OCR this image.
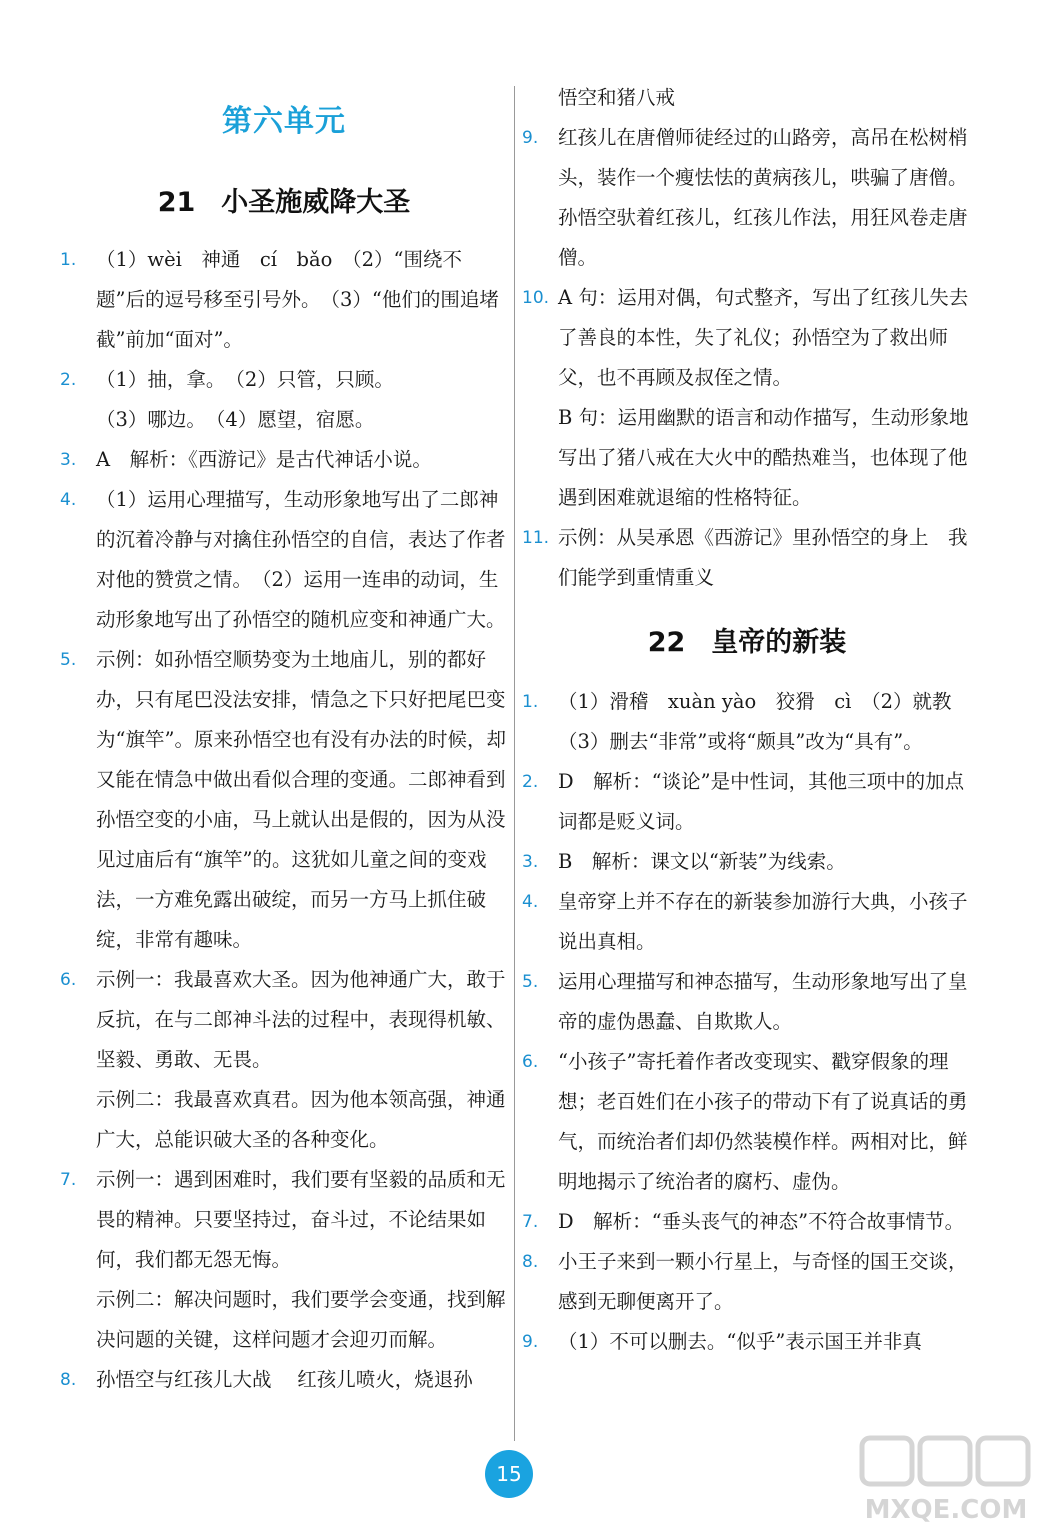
第六单元
21 小圣施威降大圣
1. （1）wèi　神通　cí　bǎo　（2）“围绕不题”后的逗号移至引号外。　（3）“他们的围追堵截”前加“面对”。

2. （1）抽，拿。　（2）只管，只顾。

（3）哪边。　（4）愿望，宿愿。

3. A　解析：《西游记》是古代神话小说。

4. （1）运用心理描写，生动形象地写出了二郎神的沉着冷静与对擒住孙悟空的自信，表达了作者对他的赞赏之情。　（2）运用一连串的动词，生动形象地写出了孙悟空的随机应变和神通广大。

5. 示例：如孙悟空顺势变为土地庙儿，别的都好办，只有尾巴没法安排，情急之下只好把尾巴变为“旗竿”。原来孙悟空也有没有办法的时候，却又能在情急中做出看似合理的变通。二郎神看到孙悟空变的小庙，马上就认出是假的，因为从没见过庙后有“旗竿”的。这犹如儿童之间的变戏法，一方难免露出破绽，而另一方马上抓住破绽，非常有趣味。

6. 示例一：我最喜欢大圣。因为他神通广大，敢于反抗，在与二郎神斗法的过程中，表现得机敏、坚毅、勇敢、无畏。

示例二：我最喜欢真君。因为他本领高强，神通广大，总能识破大圣的各种变化。

7. 示例一：遇到困难时，我们要有坚毅的品质和无畏的精神。只要坚持过，奋斗过，不论结果如何，我们都无怨无悔。

示例二：解决问题时，我们要学会变通，找到解决问题的关键，这样问题才会迎刃而解。

8. 孙悟空与红孩儿大战　 红孩儿喷火，烧退孙

悟空和猪八戒

9. 红孩儿在唐僧师徒经过的山路旁，高吊在松树梢头，装作一个瘦怯怯的黄病孩儿，哄骗了唐僧。孙悟空驮着红孩儿，红孩儿作法，用狂风卷走唐僧。

10. A 句：运用对偶，句式整齐，写出了红孩儿失去了善良的本性，失了礼仪；孙悟空为了救出师父，也不再顾及叔侄之情。

B 句：运用幽默的语言和动作描写，生动形象地写出了猪八戒在大火中的酷热难当，也体现了他遇到困难就退缩的性格特征。

11. 示例：从吴承恩《西游记》里孙悟空的身上　我们能学到重情重义

22 皇帝的新装
1. （1）滑稽　xuàn yào　狡猾　cì　（2）就教　（3）删去“非常”或将“颇具”改为“具有”。

2. D　解析：“谈论”是中性词，其他三项中的加点词都是贬义词。

3. B　解析：课文以“新装”为线索。

4. 皇帝穿上并不存在的新装参加游行大典，小孩子说出真相。

5. 运用心理描写和神态描写，生动形象地写出了皇帝的虚伪愚蠢、自欺欺人。

6. “小孩子”寄托着作者改变现实、戳穿假象的理想；老百姓们在小孩子的带动下有了说真话的勇气，而统治者们却仍然装模作样。两相对比，鲜明地揭示了统治者的腐朽、虚伪。

7. D　解析：“垂头丧气的神态”不符合故事情节。

8. 小王子来到一颗小行星上，与奇怪的国王交谈，感到无聊便离开了。

9. （1）不可以删去。“似乎”表示国王并非真

15
MXQE.COM
